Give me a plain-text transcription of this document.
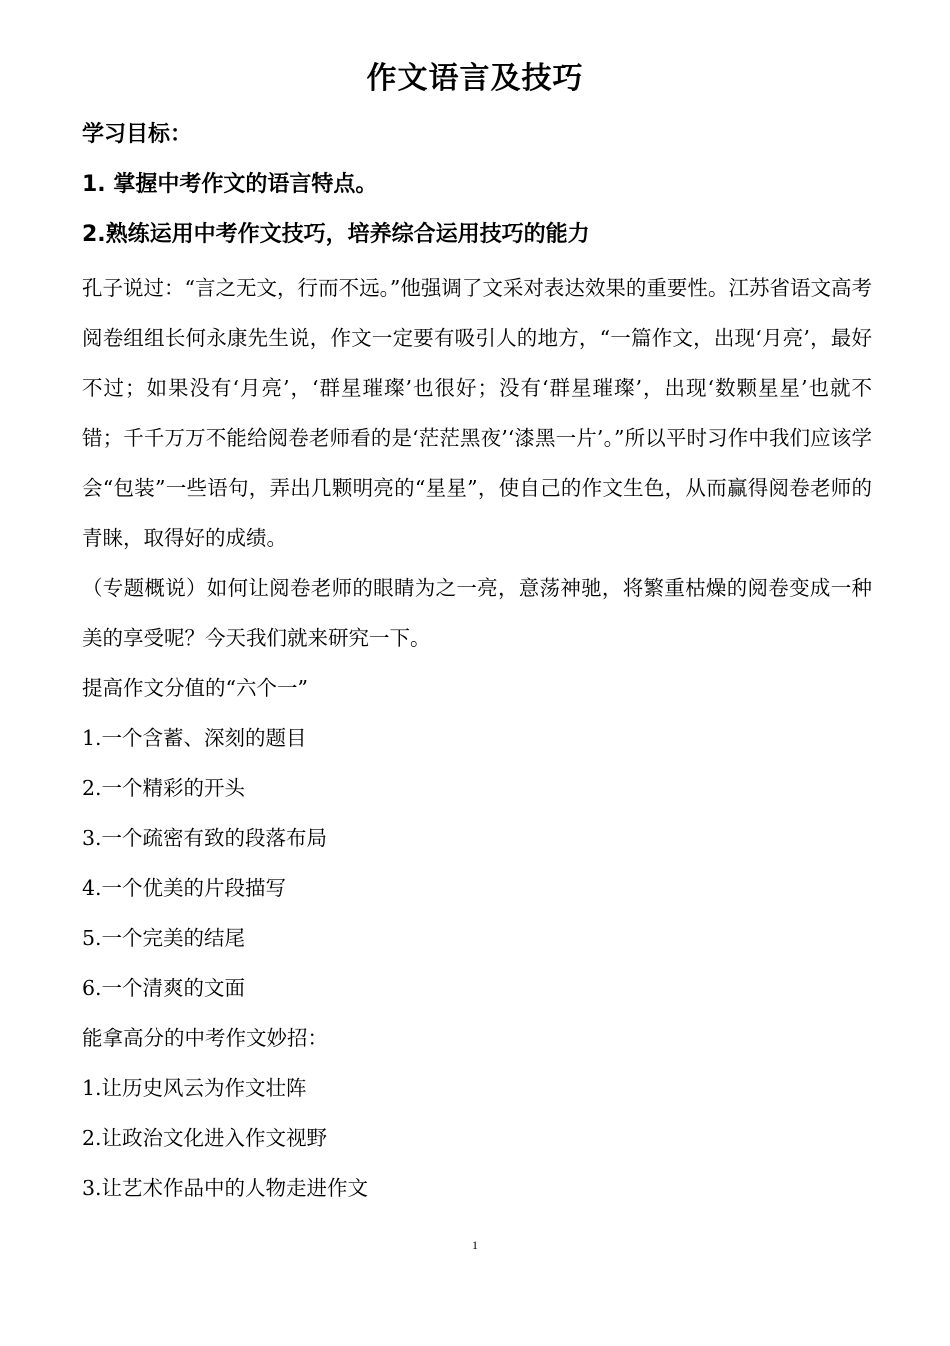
作文语言及技巧
学习目标：
1. 掌握中考作文的语言特点。
2.熟练运用中考作文技巧，培养综合运用技巧的能力
孔子说过：“言之无文，行而不远。”他强调了文采对表达效果的重要性。江苏省语文高考阅卷组组长何永康先生说，作文一定要有吸引人的地方，“一篇作文，出现‘月亮’，最好不过；如果没有‘月亮’，‘群星璀璨’也很好；没有‘群星璀璨’，出现‘数颗星星’也就不错；千千万万不能给阅卷老师看的是‘茫茫黑夜’‘漆黑一片’。”所以平时习作中我们应该学会“包装”一些语句，弄出几颗明亮的“星星”，使自己的作文生色，从而赢得阅卷老师的青睐，取得好的成绩。
（专题概说）如何让阅卷老师的眼睛为之一亮，意荡神驰，将繁重枯燥的阅卷变成一种美的享受呢？今天我们就来研究一下。
提高作文分值的“六个一”
1.一个含蓄、深刻的题目
2.一个精彩的开头
3.一个疏密有致的段落布局
4.一个优美的片段描写
5.一个完美的结尾
6.一个清爽的文面
能拿高分的中考作文妙招：
1.让历史风云为作文壮阵
2.让政治文化进入作文视野
3.让艺术作品中的人物走进作文
1
